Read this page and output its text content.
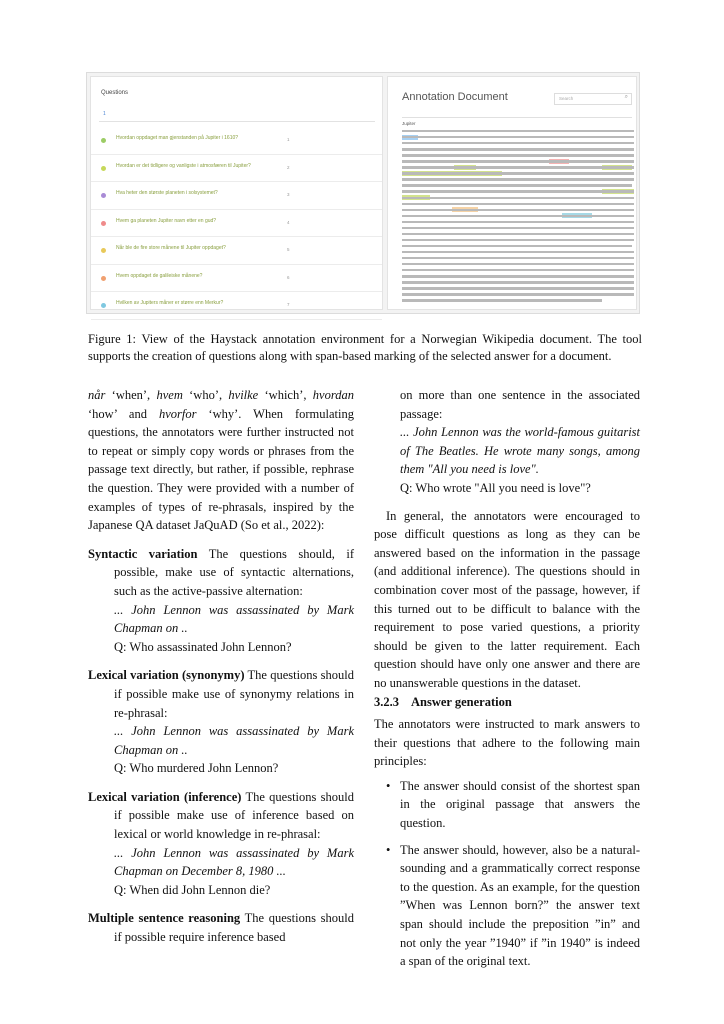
Questions
1
Hvordan oppdaget man gjenstanden på Jupiter i 1610?	1
Hvordan er det tidligere og vanligste i atmosfæren til Jupiter?	2
Hva heter den største planeten i solsystemet?	3
Hvem ga planeten Jupiter navn etter en gud?	4
Når ble de fire store månene til Jupiter oppdaget?	5
Hvem oppdaget de galileiske månene?	6
Hvilken av Jupiters måner er større enn Merkur?	7
Annotation Document	Search	⌕
Jupiter

Figure 1: View of the Haystack annotation environment for a Norwegian Wikipedia document. The tool supports the creation of questions along with span-based marking of the selected answer for a document.

når ‘when’, hvem ‘who’, hvilke ‘which’, hvordan ‘how’ and hvorfor ‘why’. When formulating questions, the annotators were further instructed not to repeat or simply copy words or phrases from the passage text directly, but rather, if possible, rephrase the question. They were provided with a number of examples of types of re-phrasals, inspired by the Japanese QA dataset JaQuAD (So et al., 2022):

Syntactic variation The questions should, if possible, make use of syntactic alternations, such as the active-passive alternation:

... John Lennon was assassinated by Mark Chapman on ..

Q: Who assassinated John Lennon?

Lexical variation (synonymy) The questions should if possible make use of synonymy relations in re-phrasal:

... John Lennon was assassinated by Mark Chapman on ..

Q: Who murdered John Lennon?

Lexical variation (inference) The questions should if possible make use of inference based on lexical or world knowledge in re-phrasal:

... John Lennon was assassinated by Mark Chapman on December 8, 1980 ...

Q: When did John Lennon die?

Multiple sentence reasoning The questions should if possible require inference based

on more than one sentence in the associated passage:

... John Lennon was the world-famous guitarist of The Beatles. He wrote many songs, among them "All you need is love".

Q: Who wrote "All you need is love"?

In general, the annotators were encouraged to pose difficult questions as long as they can be answered based on the information in the passage (and additional inference). The questions should in combination cover most of the passage, however, if this turned out to be difficult to balance with the requirement to pose varied questions, a priority should be given to the latter requirement. Each question should have only one answer and there are no unanswerable questions in the dataset.

3.2.3 Answer generation

The annotators were instructed to mark answers to their questions that adhere to the following main principles:

• The answer should consist of the shortest span in the original passage that answers the question.
• The answer should, however, also be a natural-sounding and a grammatically correct response to the question. As an example, for the question ”When was Lennon born?” the answer text span should include the preposition ”in” and not only the year ”1940” if ”in 1940” is indeed a span of the original text.
